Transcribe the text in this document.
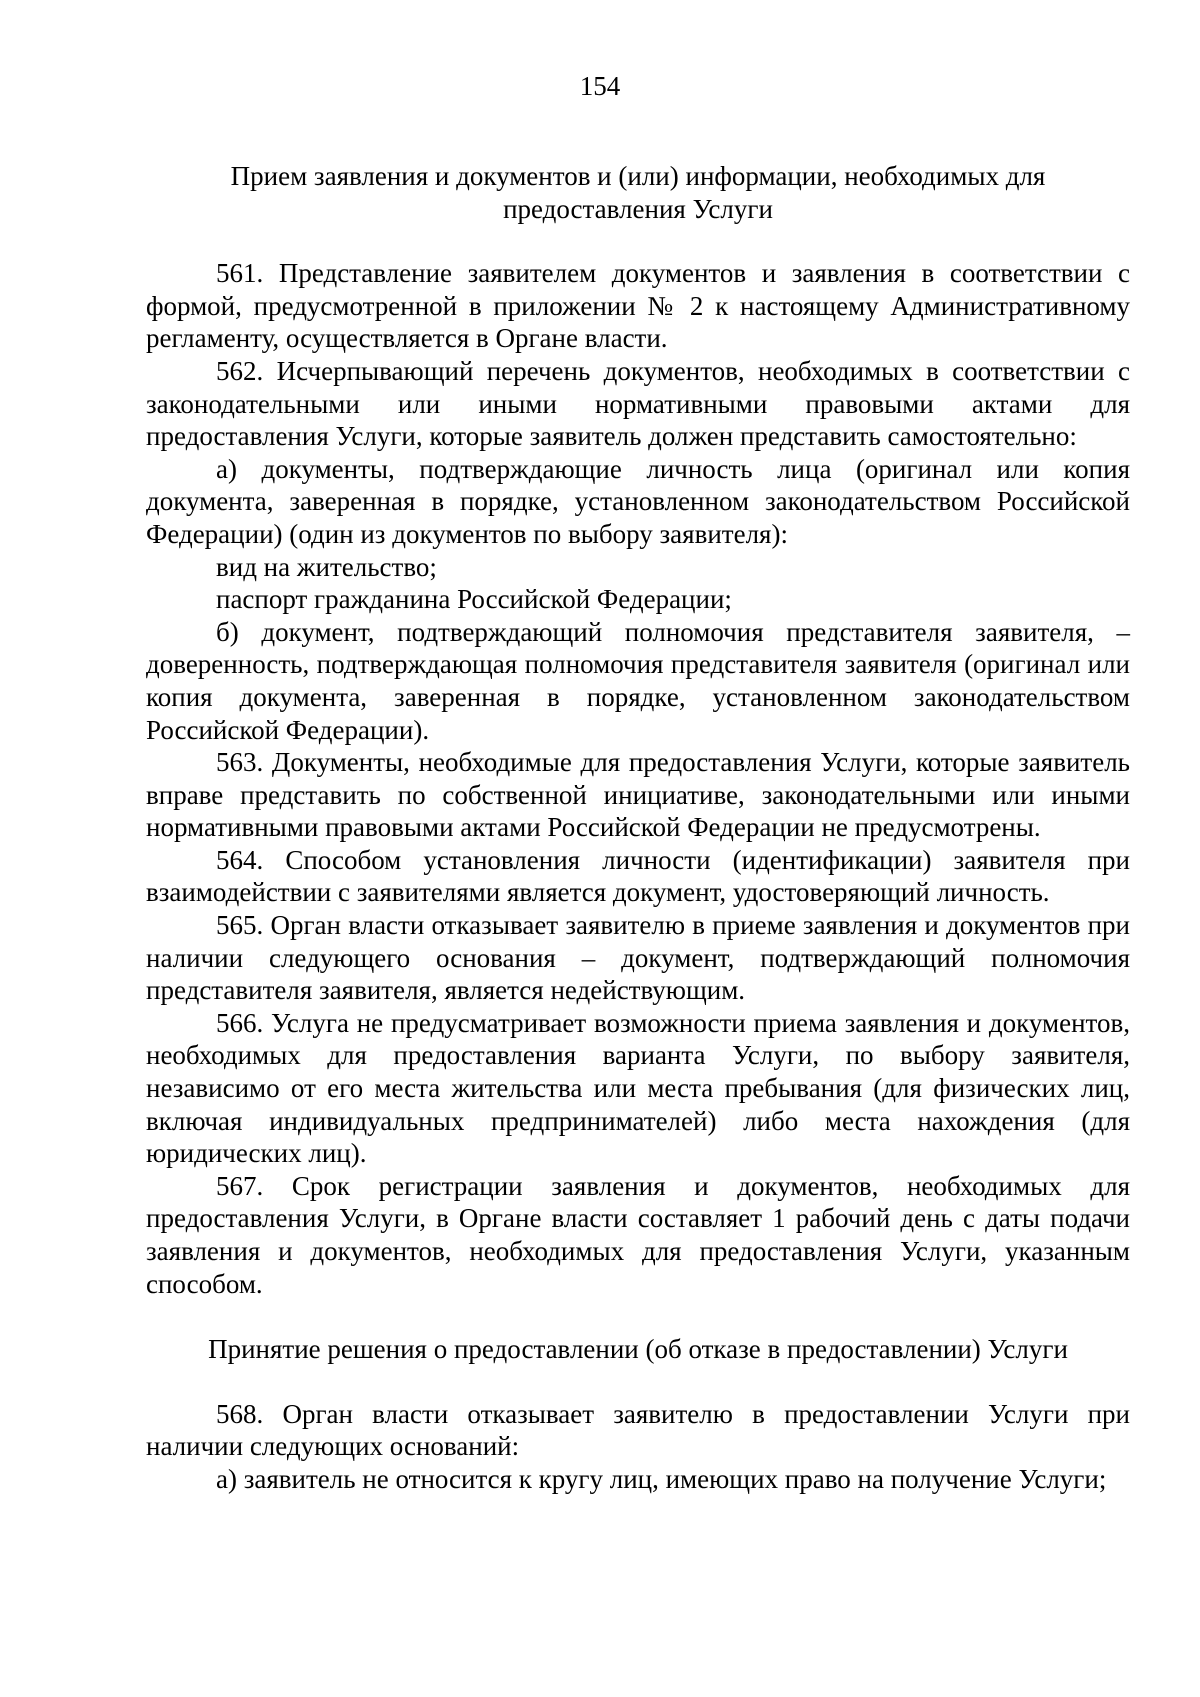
154

Прием заявления и документов и (или) информации, необходимых для предоставления Услуги

561. Представление заявителем документов и заявления в соответствии с формой, предусмотренной в приложении № 2 к настоящему Административному регламенту, осуществляется в Органе власти.

562. Исчерпывающий перечень документов, необходимых в соответствии с законодательными или иными нормативными правовыми актами для предоставления Услуги, которые заявитель должен представить самостоятельно:

а) документы, подтверждающие личность лица (оригинал или копия документа, заверенная в порядке, установленном законодательством Российской Федерации) (один из документов по выбору заявителя):

вид на жительство;

паспорт гражданина Российской Федерации;

б) документ, подтверждающий полномочия представителя заявителя, – доверенность, подтверждающая полномочия представителя заявителя (оригинал или копия документа, заверенная в порядке, установленном законодательством Российской Федерации).

563. Документы, необходимые для предоставления Услуги, которые заявитель вправе представить по собственной инициативе, законодательными или иными нормативными правовыми актами Российской Федерации не предусмотрены.

564. Способом установления личности (идентификации) заявителя при взаимодействии с заявителями является документ, удостоверяющий личность.

565. Орган власти отказывает заявителю в приеме заявления и документов при наличии следующего основания – документ, подтверждающий полномочия представителя заявителя, является недействующим.

566. Услуга не предусматривает возможности приема заявления и документов, необходимых для предоставления варианта Услуги, по выбору заявителя, независимо от его места жительства или места пребывания (для физических лиц, включая индивидуальных предпринимателей) либо места нахождения (для юридических лиц).

567. Срок регистрации заявления и документов, необходимых для предоставления Услуги, в Органе власти составляет 1 рабочий день с даты подачи заявления и документов, необходимых для предоставления Услуги, указанным способом.

Принятие решения о предоставлении (об отказе в предоставлении) Услуги

568. Орган власти отказывает заявителю в предоставлении Услуги при наличии следующих оснований:

а) заявитель не относится к кругу лиц, имеющих право на получение Услуги;
